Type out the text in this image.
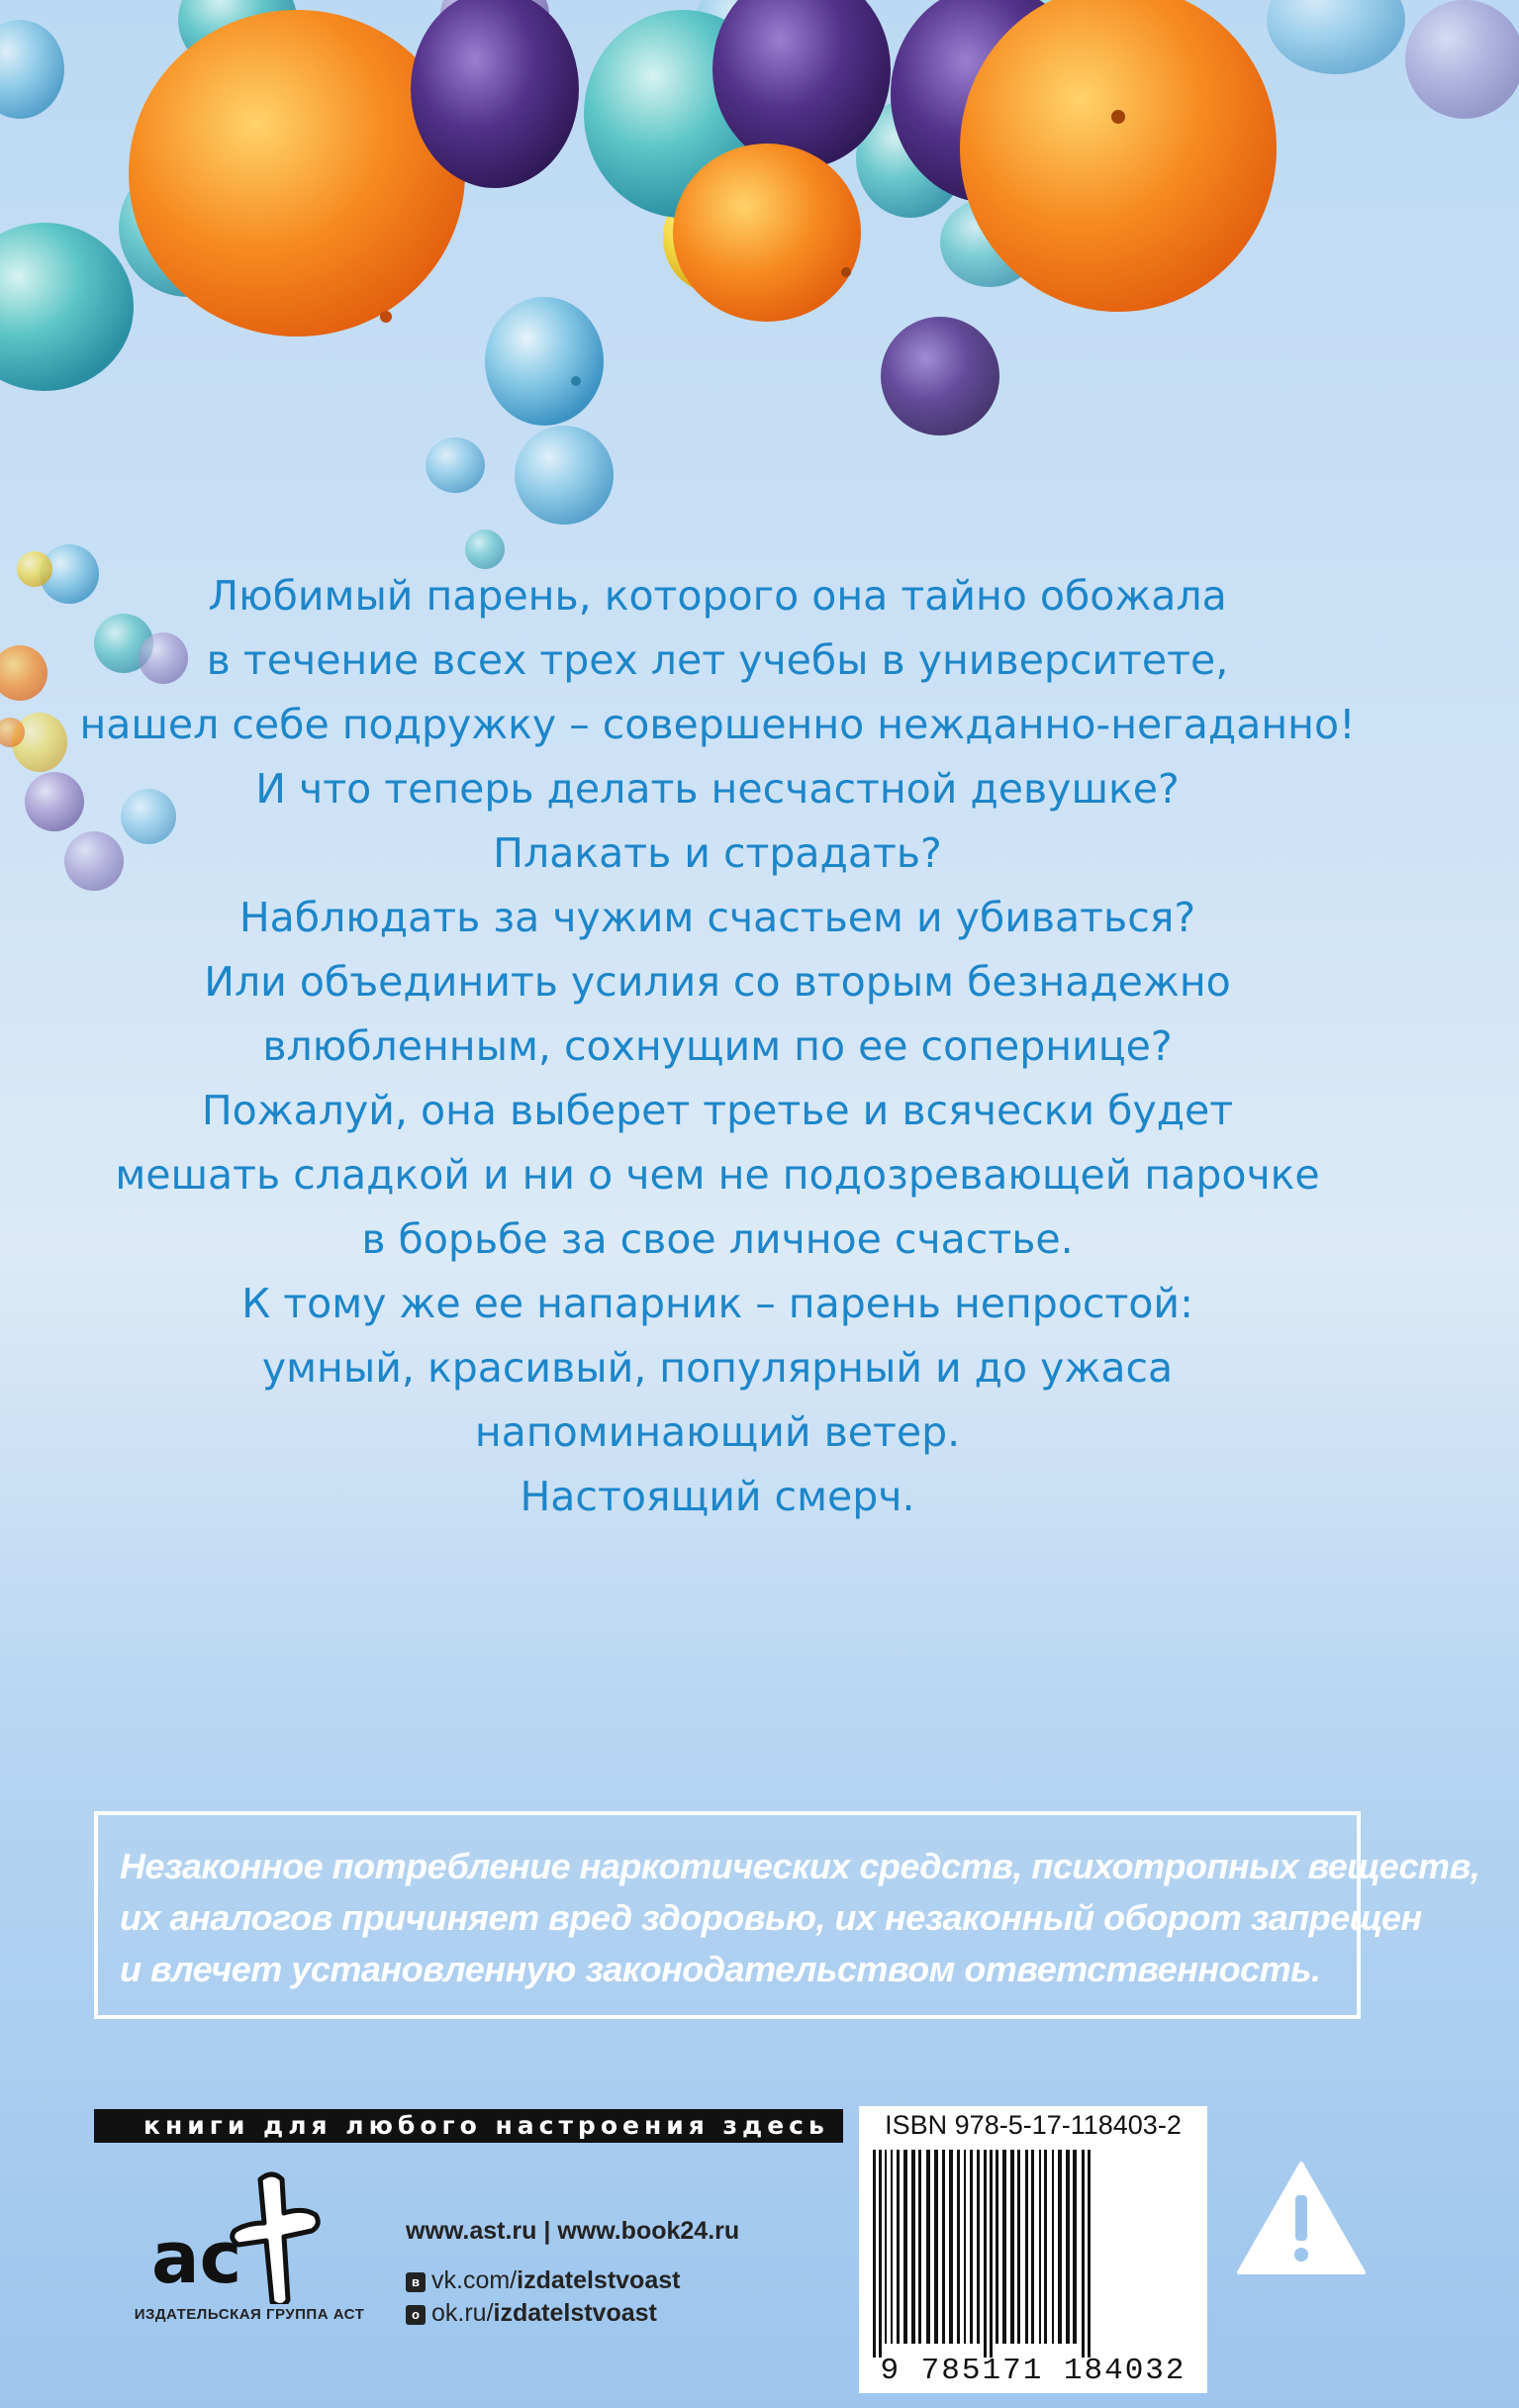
Любимый парень, которого она тайно обожала
в течение всех трех лет учебы в университете,
нашел себе подружку – совершенно нежданно-негаданно!
И что теперь делать несчастной девушке?
Плакать и страдать?
Наблюдать за чужим счастьем и убиваться?
Или объединить усилия со вторым безнадежно
влюбленным, сохнущим по ее сопернице?
Пожалуй, она выберет третье и всячески будет
мешать сладкой и ни о чем не подозревающей парочке
в борьбе за свое личное счастье.
К тому же ее напарник – парень непростой:
умный, красивый, популярный и до ужаса
напоминающий ветер.
Настоящий смерч.
Незаконное потребление наркотических средств, психотропных веществ,
их аналогов причиняет вред здоровью, их незаконный оборот запрещен
и влечет установленную законодательством ответственность.
книги для любого настроения здесь
ас
ИЗДАТЕЛЬСКАЯ ГРУППА АСТ
www.ast.ru | www.book24.ru
в vk.com/izdatelstvoast
о ok.ru/izdatelstvoast
ISBN 978-5-17-118403-2
9 785171 184032
